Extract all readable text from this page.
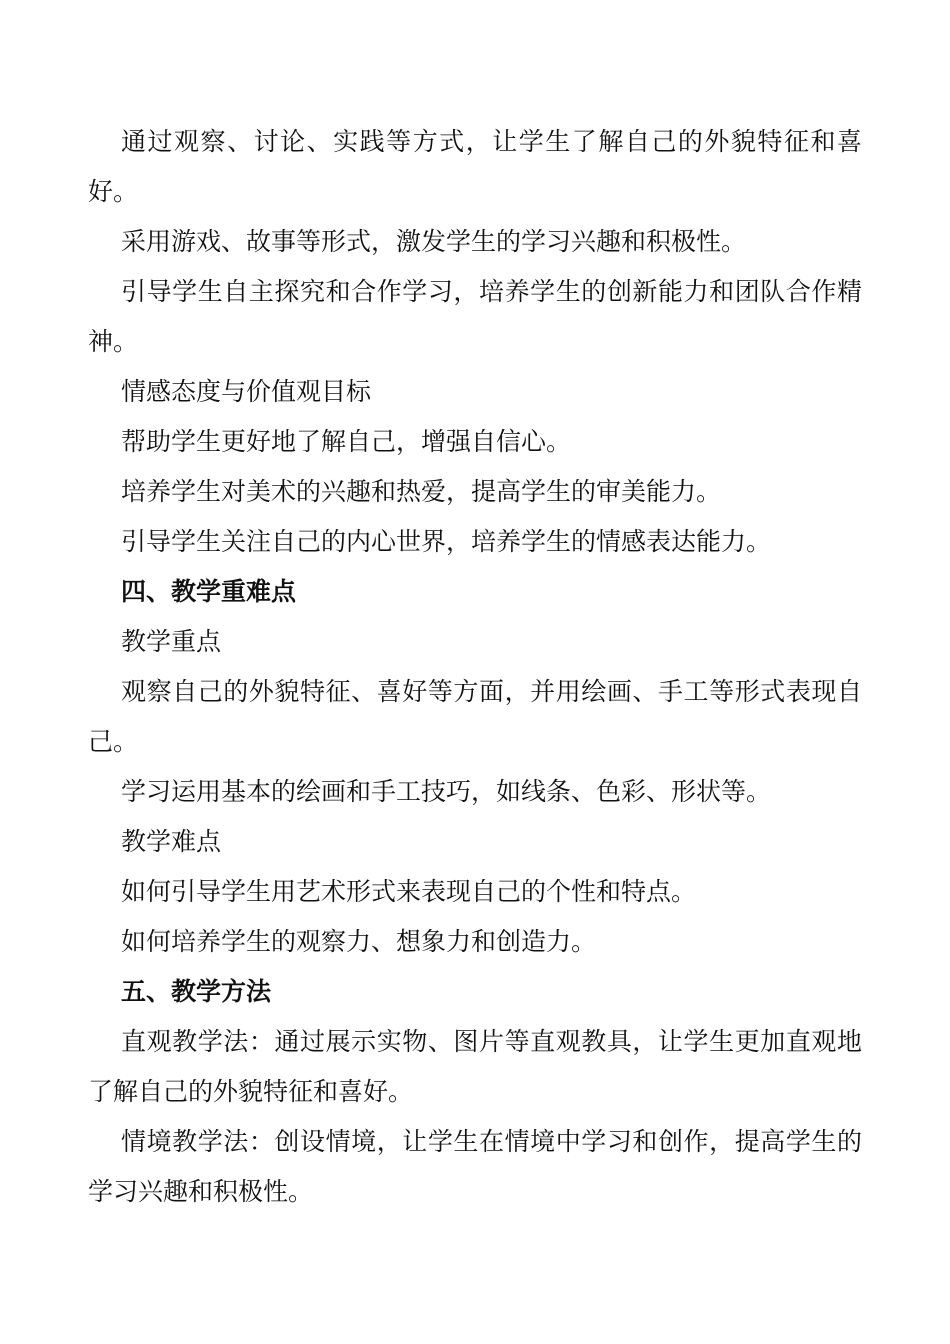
通过观察、讨论、实践等方式，让学生了解自己的外貌特征和喜好。

采用游戏、故事等形式，激发学生的学习兴趣和积极性。

引导学生自主探究和合作学习，培养学生的创新能力和团队合作精神。

情感态度与价值观目标

帮助学生更好地了解自己，增强自信心。

培养学生对美术的兴趣和热爱，提高学生的审美能力。

引导学生关注自己的内心世界，培养学生的情感表达能力。

四、教学重难点

教学重点

观察自己的外貌特征、喜好等方面，并用绘画、手工等形式表现自己。

学习运用基本的绘画和手工技巧，如线条、色彩、形状等。

教学难点

如何引导学生用艺术形式来表现自己的个性和特点。

如何培养学生的观察力、想象力和创造力。

五、教学方法

直观教学法：通过展示实物、图片等直观教具，让学生更加直观地了解自己的外貌特征和喜好。

情境教学法：创设情境，让学生在情境中学习和创作，提高学生的学习兴趣和积极性。
